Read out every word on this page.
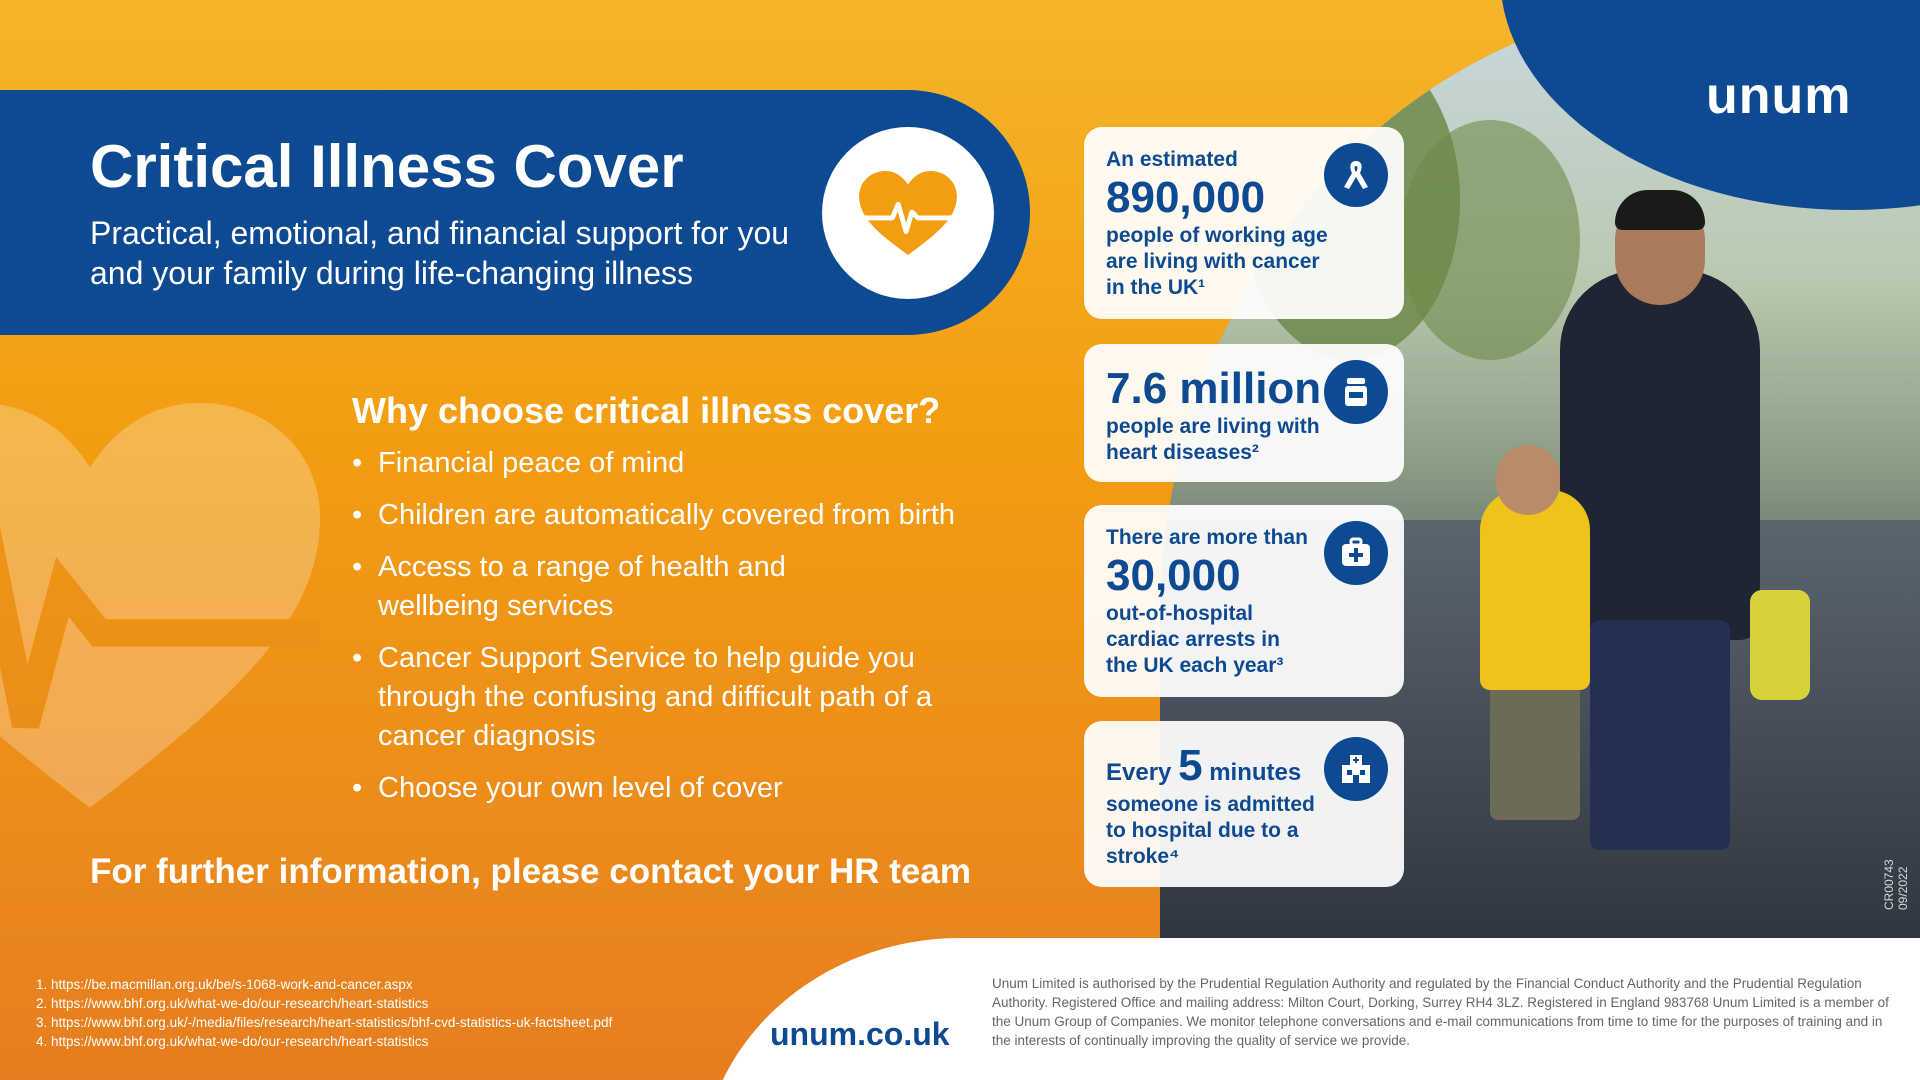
unum
Critical Illness Cover

Practical, emotional, and financial support for you and your family during life-changing illness

Why choose critical illness cover?
• Financial peace of mind
• Children are automatically covered from birth
• Access to a range of health and wellbeing services
• Cancer Support Service to help guide you through the confusing and difficult path of a cancer diagnosis
• Choose your own level of cover

For further information, please contact your HR team

An estimated
890,000
people of working age are living with cancer in the UK¹
7.6 million
people are living with heart diseases²
There are more than
30,000
out-of-hospital cardiac arrests in the UK each year³
Every 5 minutes
someone is admitted to hospital due to a stroke⁴
CR00743 09/2022
1. https://be.macmillan.org.uk/be/s-1068-work-and-cancer.aspx
2. https://www.bhf.org.uk/what-we-do/our-research/heart-statistics
3. https://www.bhf.org.uk/-/media/files/research/heart-statistics/bhf-cvd-statistics-uk-factsheet.pdf
4. https://www.bhf.org.uk/what-we-do/our-research/heart-statistics	unum.co.uk

Unum Limited is authorised by the Prudential Regulation Authority and regulated by the Financial Conduct Authority and the Prudential Regulation Authority. Registered Office and mailing address: Milton Court, Dorking, Surrey RH4 3LZ. Registered in England 983768 Unum Limited is a member of the Unum Group of Companies. We monitor telephone conversations and e-mail communications from time to time for the purposes of training and in the interests of continually improving the quality of service we provide.
